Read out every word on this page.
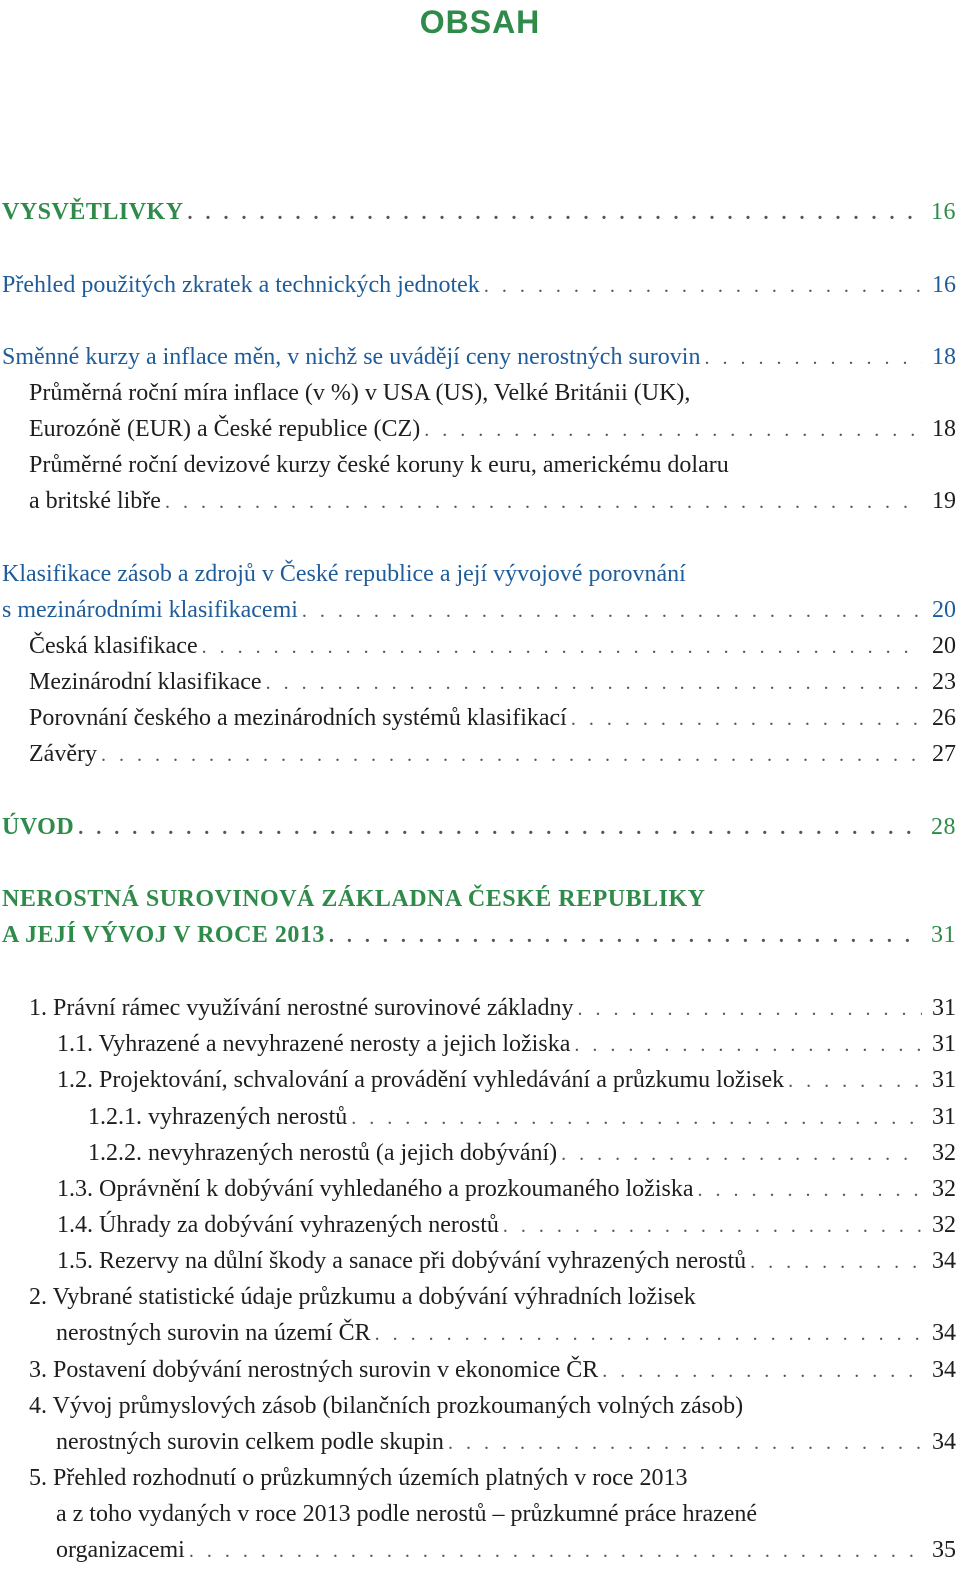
OBSAH
VYSVĚTLIVKY . . .	16
Přehled použitých zkratek a technických jednotek . . .	16
Směnné kurzy a inflace měn, v nichž se uvádějí ceny nerostných surovin . . .	18
Průměrná roční míra inflace (v %) v USA (US), Velké Británii (UK),
Eurozóně (EUR) a České republice (CZ) . . .	18
Průměrné roční devizové kurzy české koruny k euru, americkému dolaru
a britské libře . . .	19
Klasifikace zásob a zdrojů v České republice a její vývojové porovnání
s mezinárodními klasifikacemi . . .	20
Česká klasifikace . . .	20
Mezinárodní klasifikace . . .	23
Porovnání českého a mezinárodních systémů klasifikací . . .	26
Závěry . . .	27
ÚVOD . . .	28
NEROSTNÁ SUROVINOVÁ ZÁKLADNA ČESKÉ REPUBLIKY
A JEJÍ VÝVOJ V ROCE 2013 . . .	31
1. Právní rámec využívání nerostné surovinové základny . . .	31
1.1. Vyhrazené a nevyhrazené nerosty a jejich ložiska . . .	31
1.2. Projektování, schvalování a provádění vyhledávání a průzkumu ložisek . . .	31
1.2.1. vyhrazených nerostů . . .	31
1.2.2. nevyhrazených nerostů (a jejich dobývání) . . .	32
1.3. Oprávnění k dobývání vyhledaného a prozkoumaného ložiska . . .	32
1.4. Úhrady za dobývání vyhrazených nerostů . . .	32
1.5. Rezervy na důlní škody a sanace při dobývání vyhrazených nerostů . . .	34
2. Vybrané statistické údaje průzkumu a dobývání výhradních ložisek
nerostných surovin na území ČR . . .	34
3. Postavení dobývání nerostných surovin v ekonomice ČR . . .	34
4. Vývoj průmyslových zásob (bilančních prozkoumaných volných zásob)
nerostných surovin celkem podle skupin . . .	34
5. Přehled rozhodnutí o průzkumných územích platných v roce 2013
a z toho vydaných v roce 2013 podle nerostů – průzkumné práce hrazené
organizacemi . . .	35
